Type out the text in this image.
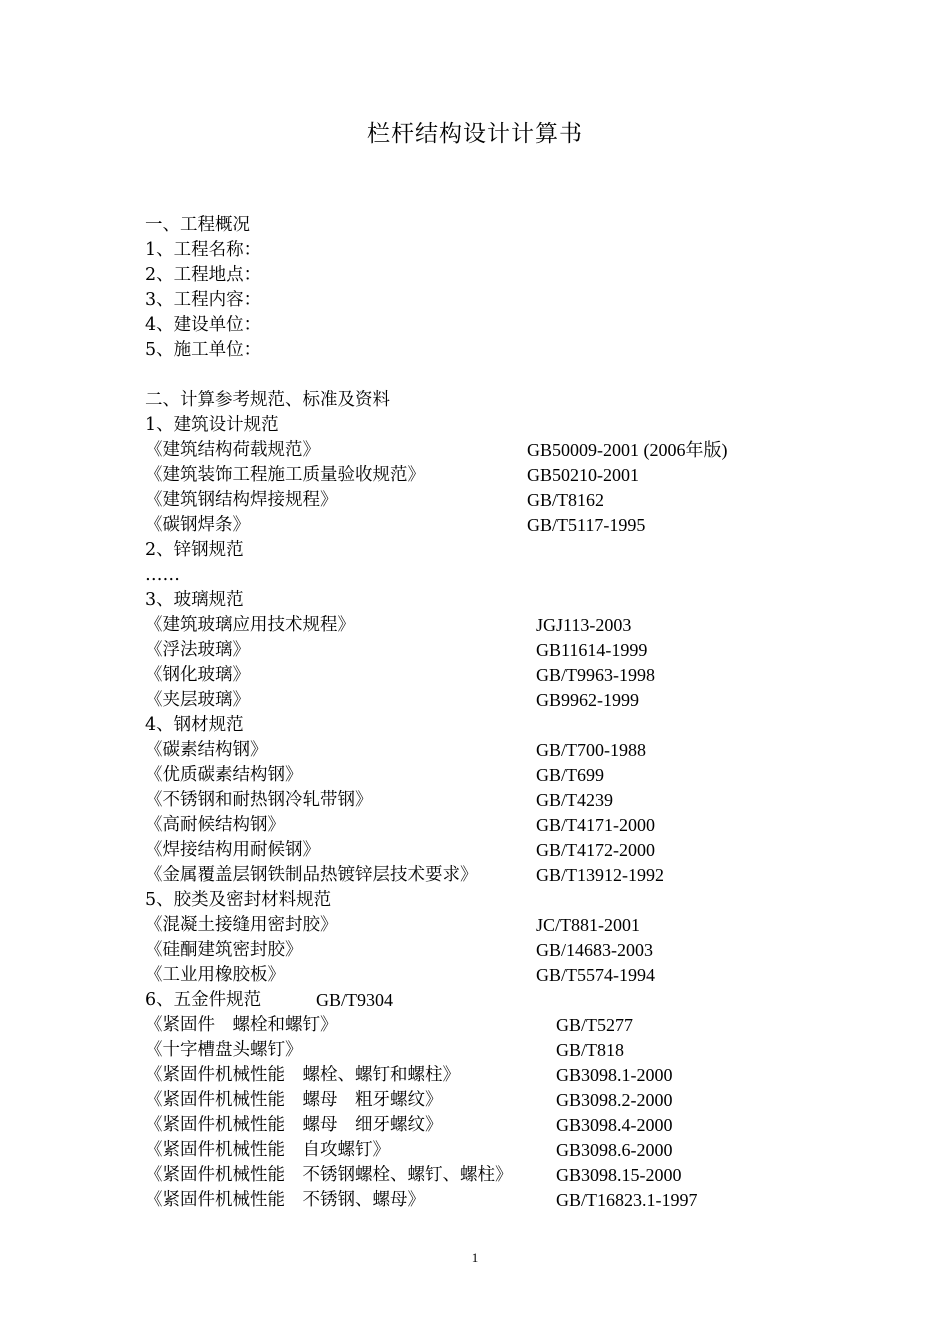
栏杆结构设计计算书
一、工程概况
1、工程名称：
2、工程地点：
3、工程内容：
4、建设单位：
5、施工单位：
二、计算参考规范、标准及资料
1、建筑设计规范
《建筑结构荷载规范》	GB50009-2001 (2006年版)
《建筑装饰工程施工质量验收规范》	GB50210-2001
《建筑钢结构焊接规程》	GB/T8162
《碳钢焊条》	GB/T5117-1995
2、锌钢规范
……
3、玻璃规范
《建筑玻璃应用技术规程》	JGJ113-2003
《浮法玻璃》	GB11614-1999
《钢化玻璃》	GB/T9963-1998
《夹层玻璃》	GB9962-1999
4、钢材规范
《碳素结构钢》	GB/T700-1988
《优质碳素结构钢》	GB/T699
《不锈钢和耐热钢冷轧带钢》	GB/T4239
《高耐候结构钢》	GB/T4171-2000
《焊接结构用耐候钢》	GB/T4172-2000
《金属覆盖层钢铁制品热镀锌层技术要求》	GB/T13912-1992
5、胶类及密封材料规范
《混凝土接缝用密封胶》	JC/T881-2001
《硅酮建筑密封胶》	GB/14683-2003
《工业用橡胶板》	GB/T5574-1994
6、五金件规范	GB/T9304
《紧固件　螺栓和螺钉》	GB/T5277
《十字槽盘头螺钉》	GB/T818
《紧固件机械性能　螺栓、螺钉和螺柱》	GB3098.1-2000
《紧固件机械性能　螺母　粗牙螺纹》	GB3098.2-2000
《紧固件机械性能　螺母　细牙螺纹》	GB3098.4-2000
《紧固件机械性能　自攻螺钉》	GB3098.6-2000
《紧固件机械性能　不锈钢螺栓、螺钉、螺柱》 GB3098.15-2000
《紧固件机械性能　不锈钢、螺母》	GB/T16823.1-1997
1
